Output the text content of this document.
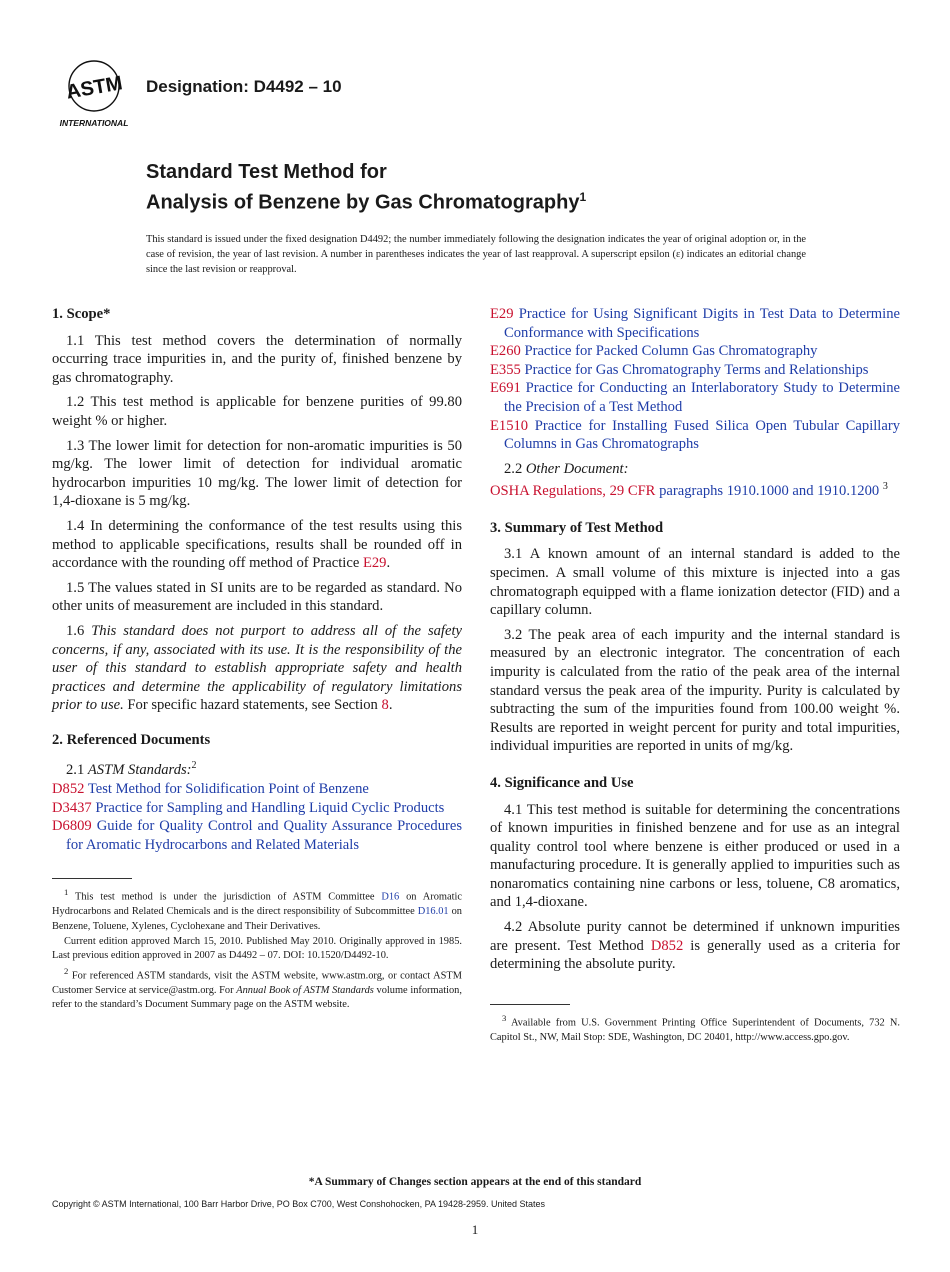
ASTM
INTERNATIONAL
Designation: D4492 – 10
Standard Test Method for
Analysis of Benzene by Gas Chromatography$^1$
This standard is issued under the fixed designation D4492; the number immediately following the designation indicates the year of original adoption or, in the case of revision, the year of last revision. A number in parentheses indicates the year of last reapproval. A superscript epsilon (ε) indicates an editorial change since the last revision or reapproval.
1. Scope*

1.1 This test method covers the determination of normally occurring trace impurities in, and the purity of, finished benzene by gas chromatography.

1.2 This test method is applicable for benzene purities of 99.80 weight % or higher.

1.3 The lower limit for detection for non-aromatic impurities is 50 mg/kg. The lower limit of detection for individual aromatic hydrocarbon impurities 10 mg/kg. The lower limit of detection for 1,4-dioxane is 5 mg/kg.

1.4 In determining the conformance of the test results using this method to applicable specifications, results shall be rounded off in accordance with the rounding off method of Practice E29.

1.5 The values stated in SI units are to be regarded as standard. No other units of measurement are included in this standard.

1.6 This standard does not purport to address all of the safety concerns, if any, associated with its use. It is the responsibility of the user of this standard to establish appropriate safety and health practices and determine the applicability of regulatory limitations prior to use. For specific hazard statements, see Section 8.

2. Referenced Documents

2.1 ASTM Standards:$^2$

D852 Test Method for Solidification Point of Benzene

D3437 Practice for Sampling and Handling Liquid Cyclic Products

D6809 Guide for Quality Control and Quality Assurance Procedures for Aromatic Hydrocarbons and Related Materials

$^1$ This test method is under the jurisdiction of ASTM Committee D16 on Aromatic Hydrocarbons and Related Chemicals and is the direct responsibility of Subcommittee D16.01 on Benzene, Toluene, Xylenes, Cyclohexane and Their Derivatives.

Current edition approved March 15, 2010. Published May 2010. Originally approved in 1985. Last previous edition approved in 2007 as D4492 – 07. DOI: 10.1520/D4492-10.

$^2$ For referenced ASTM standards, visit the ASTM website, www.astm.org, or contact ASTM Customer Service at service@astm.org. For Annual Book of ASTM Standards volume information, refer to the standard’s Document Summary page on the ASTM website.

E29 Practice for Using Significant Digits in Test Data to Determine Conformance with Specifications

E260 Practice for Packed Column Gas Chromatography

E355 Practice for Gas Chromatography Terms and Relationships

E691 Practice for Conducting an Interlaboratory Study to Determine the Precision of a Test Method

E1510 Practice for Installing Fused Silica Open Tubular Capillary Columns in Gas Chromatographs

2.2 Other Document:

OSHA Regulations, 29 CFR paragraphs 1910.1000 and 1910.1200 $^3$

3. Summary of Test Method

3.1 A known amount of an internal standard is added to the specimen. A small volume of this mixture is injected into a gas chromatograph equipped with a flame ionization detector (FID) and a capillary column.

3.2 The peak area of each impurity and the internal standard is measured by an electronic integrator. The concentration of each impurity is calculated from the ratio of the peak area of the internal standard versus the peak area of the impurity. Purity is calculated by subtracting the sum of the impurities found from 100.00 weight %. Results are reported in weight percent for purity and total impurities, individual impurities are reported in units of mg/kg.

4. Significance and Use

4.1 This test method is suitable for determining the concentrations of known impurities in finished benzene and for use as an integral quality control tool where benzene is either produced or used in a manufacturing procedure. It is generally applied to impurities such as nonaromatics containing nine carbons or less, toluene, C8 aromatics, and 1,4-dioxane.

4.2 Absolute purity cannot be determined if unknown impurities are present. Test Method D852 is generally used as a criteria for determining the absolute purity.

$^3$ Available from U.S. Government Printing Office Superintendent of Documents, 732 N. Capitol St., NW, Mail Stop: SDE, Washington, DC 20401, http://www.access.gpo.gov.

*A Summary of Changes section appears at the end of this standard
Copyright © ASTM International, 100 Barr Harbor Drive, PO Box C700, West Conshohocken, PA 19428-2959. United States
1
